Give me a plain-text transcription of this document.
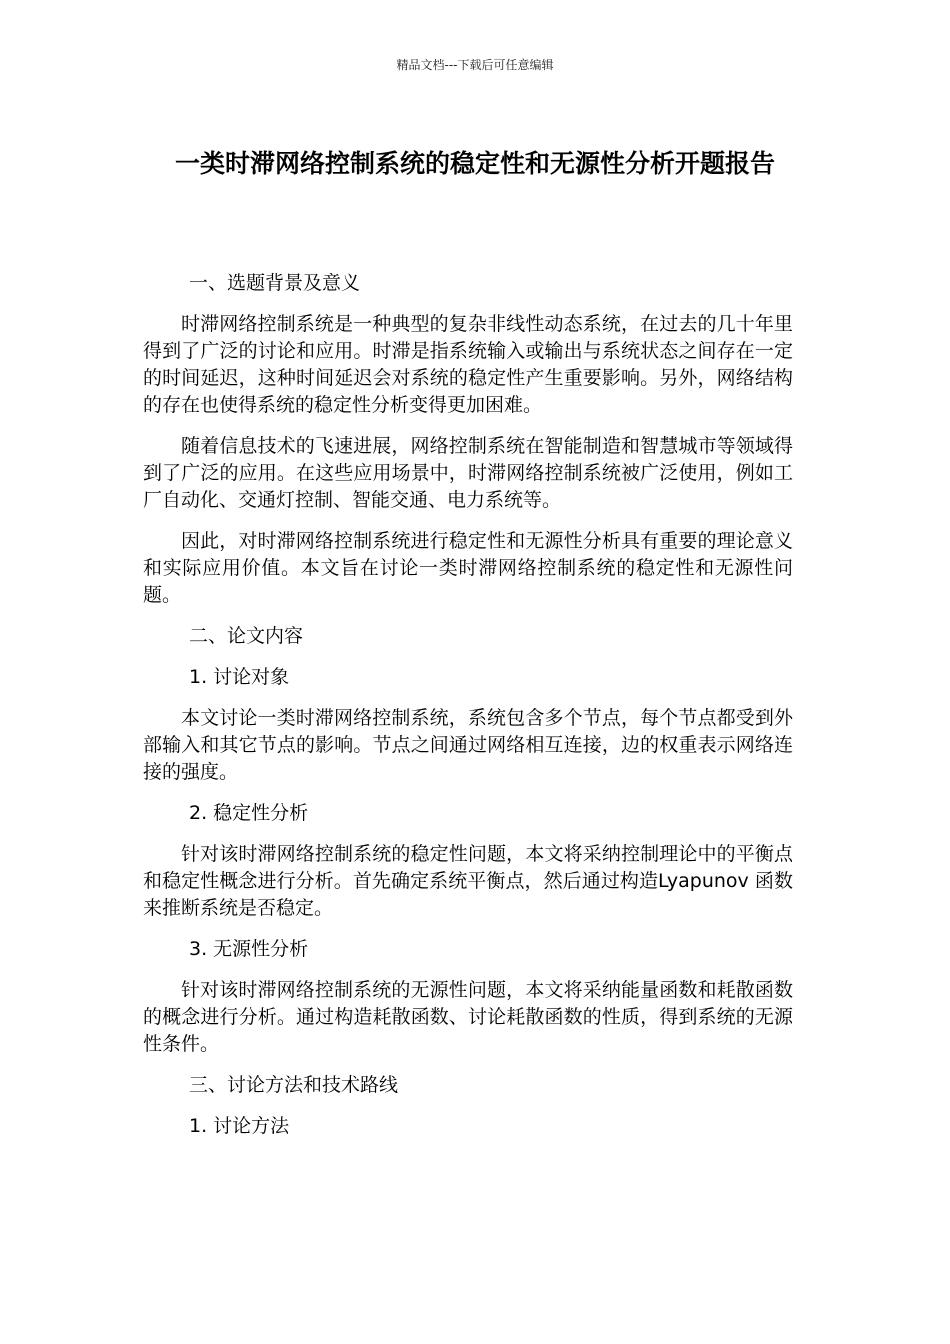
精品文档---下载后可任意编辑
一类时滞网络控制系统的稳定性和无源性分析开题报告
一、选题背景及意义

时滞网络控制系统是一种典型的复杂非线性动态系统，在过去的几十年里得到了广泛的讨论和应用。时滞是指系统输入或输出与系统状态之间存在一定的时间延迟，这种时间延迟会对系统的稳定性产生重要影响。另外，网络结构的存在也使得系统的稳定性分析变得更加困难。

随着信息技术的飞速进展，网络控制系统在智能制造和智慧城市等领域得到了广泛的应用。在这些应用场景中，时滞网络控制系统被广泛使用，例如工厂自动化、交通灯控制、智能交通、电力系统等。

因此，对时滞网络控制系统进行稳定性和无源性分析具有重要的理论意义和实际应用价值。本文旨在讨论一类时滞网络控制系统的稳定性和无源性问题。

二、论文内容
1. 讨论对象

本文讨论一类时滞网络控制系统，系统包含多个节点，每个节点都受到外部输入和其它节点的影响。节点之间通过网络相互连接，边的权重表示网络连接的强度。

2. 稳定性分析

针对该时滞网络控制系统的稳定性问题，本文将采纳控制理论中的平衡点和稳定性概念进行分析。首先确定系统平衡点，然后通过构造Lyapunov 函数来推断系统是否稳定。

3. 无源性分析

针对该时滞网络控制系统的无源性问题，本文将采纳能量函数和耗散函数的概念进行分析。通过构造耗散函数、讨论耗散函数的性质，得到系统的无源性条件。

三、讨论方法和技术路线
1. 讨论方法
